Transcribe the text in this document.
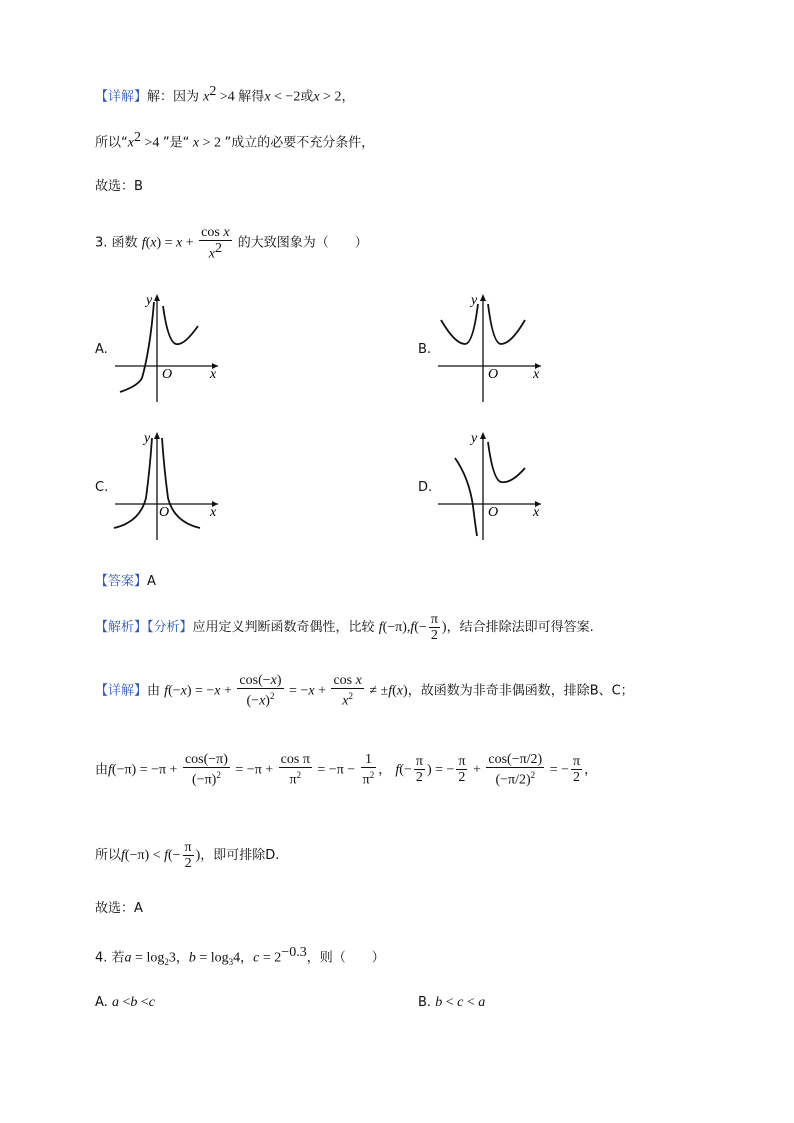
【详解】解：因为 $x^2 >4$ 解得x < −2或x > 2，
所以“$x^2 >4$ ”是“ x > 2 ”成立的必要不充分条件，
故选：B
3. 函数 $f(x) = x + \frac{\text{cos x}}{x^2}$ 的大致图象为（　　）
A.	B.
C.	D.
y
x
O
y
x
O
y
x
O
y
x
O
【答案】A
【解析】【分析】应用定义判断函数奇偶性，比较 $f(-\pi),f(- \frac{\pi}{2}$ )，结合排除法即可得答案.
【详解】由 $f(-x) = -x + \frac{\cos(-x)}{(-x)^2} = -x + \frac{\text{cos x}}{x^2} \ne \pm f(x)$，故函数为非奇非偶函数，排除B、C；
由$f(-\pi) = -\pi + \frac{\cos(-\pi)}{(-\pi)^2} = -\pi + \frac{\text{cos π}}{\pi^2} = -\pi - \frac{1}{\pi^2}$ ， $f(- \frac{\pi}{2}$ ) = − $\frac{\pi}{2} + \frac{\cos(-\pi/2)}{(-\pi/2)^2}$ = − $\frac{\pi}{2}$ ，
所以$f(-\pi) < f(- \frac{\pi}{2}$ )，即可排除D.
故选：A
4. 若$a = \log_23$，$b = \log_34$，$c = 2^{-0.3}$，则（　　）
A. a <b <c	B. b < c < a
